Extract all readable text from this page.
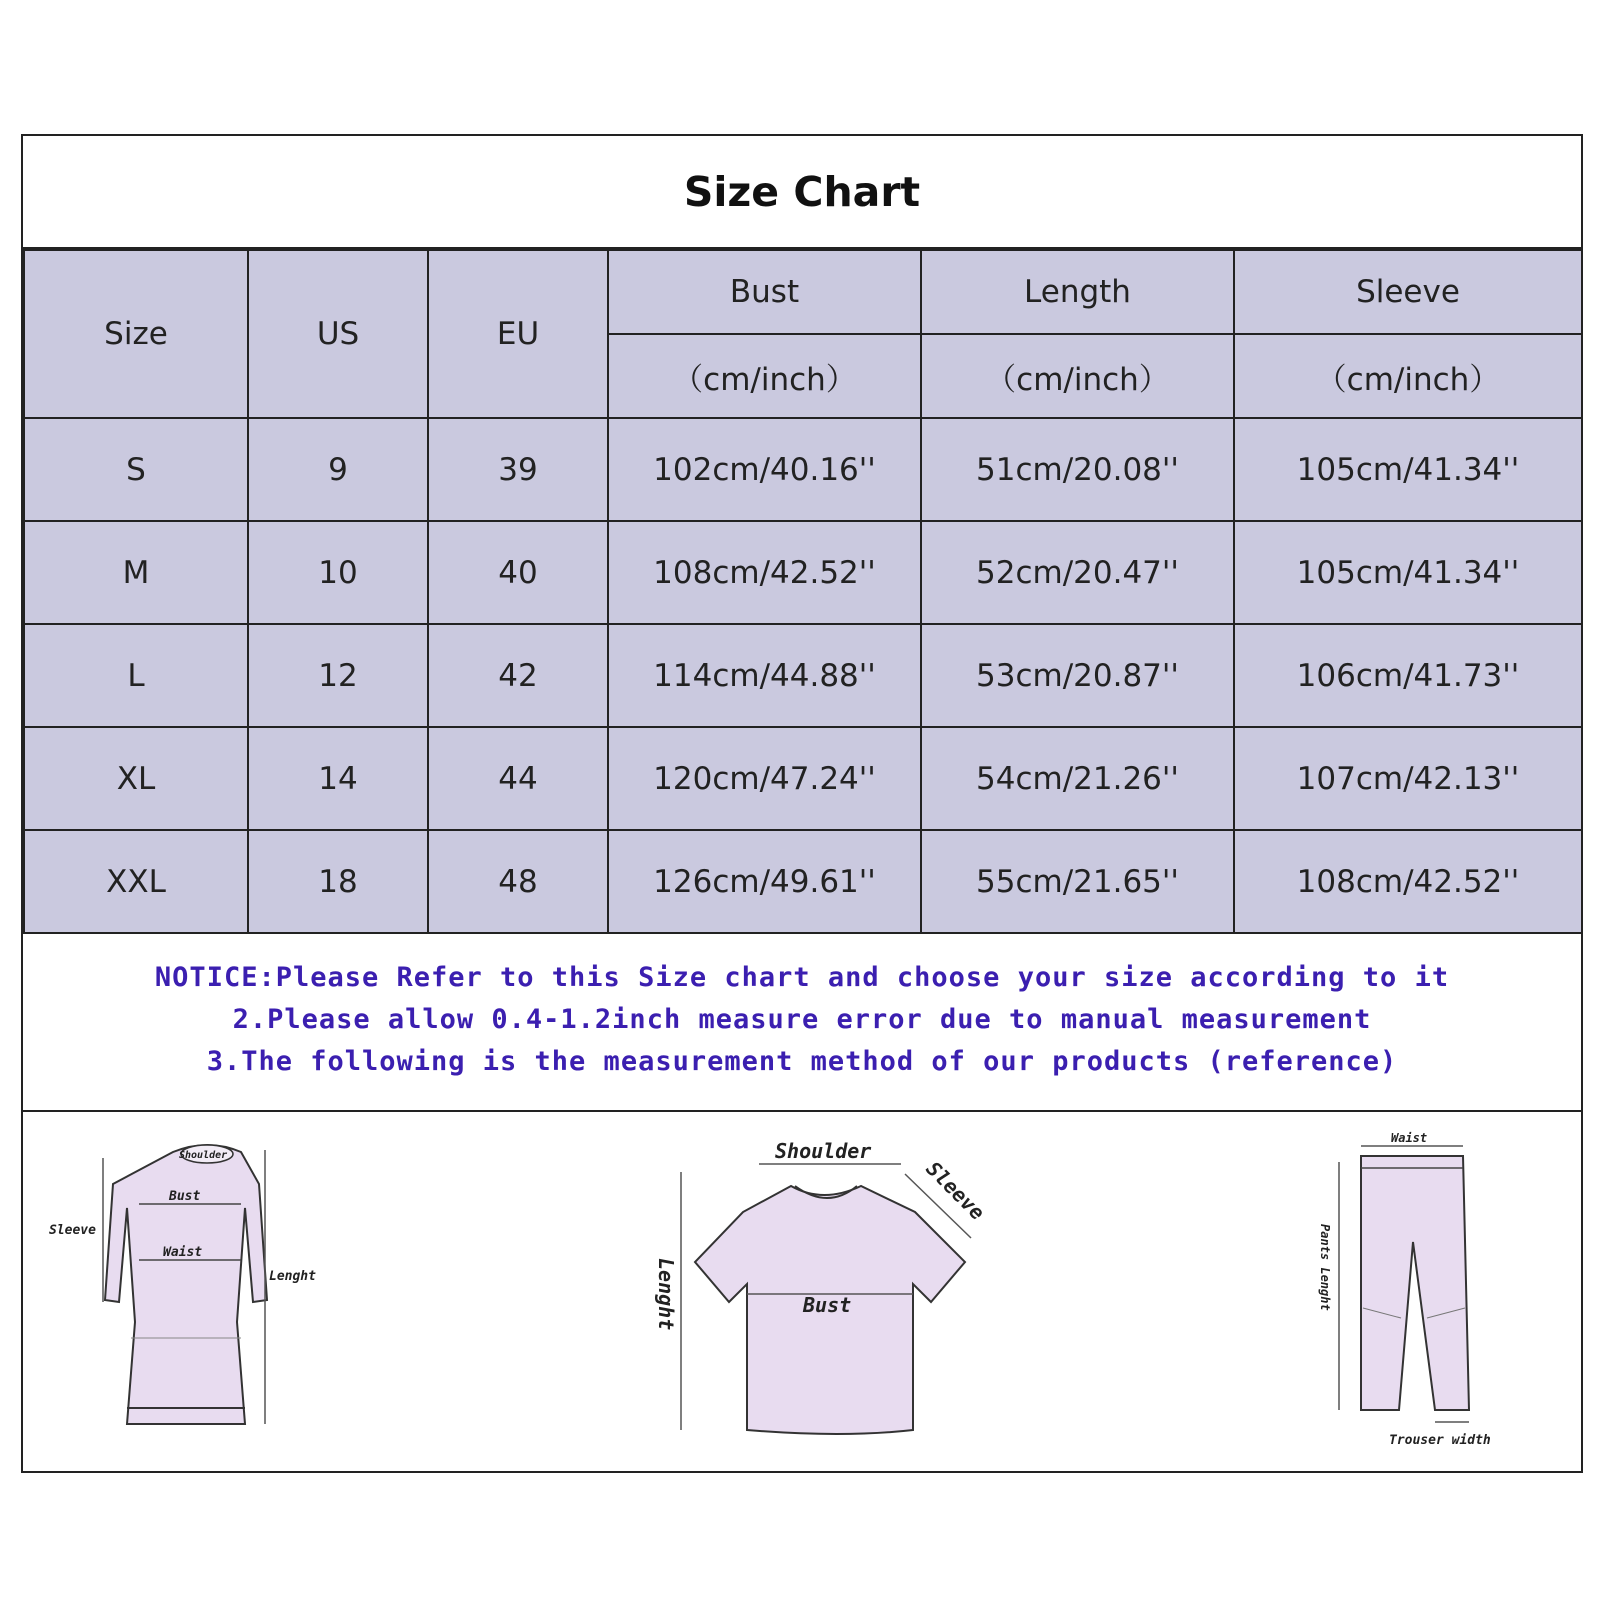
Size Chart
Size	US	EU	Bust	Length	Sleeve
			（cm/inch）	（cm/inch）	（cm/inch）
S	9	39	102cm/40.16''	51cm/20.08''	105cm/41.34''
M	10	40	108cm/42.52''	52cm/20.47''	105cm/41.34''
L	12	42	114cm/44.88''	53cm/20.87''	106cm/41.73''
XL	14	44	120cm/47.24''	54cm/21.26''	107cm/42.13''
XXL	18	48	126cm/49.61''	55cm/21.65''	108cm/42.52''
NOTICE:Please Refer to this Size chart and choose your size according to it
2.Please allow 0.4-1.2inch measure error due to manual measurement
3.The following is the measurement method of our products (reference)
Shoulder
Bust
Waist
Sleeve
Lenght
Shoulder
Sleeve
Lenght	Bust
Waist
Pants Lenght
Trouser width
